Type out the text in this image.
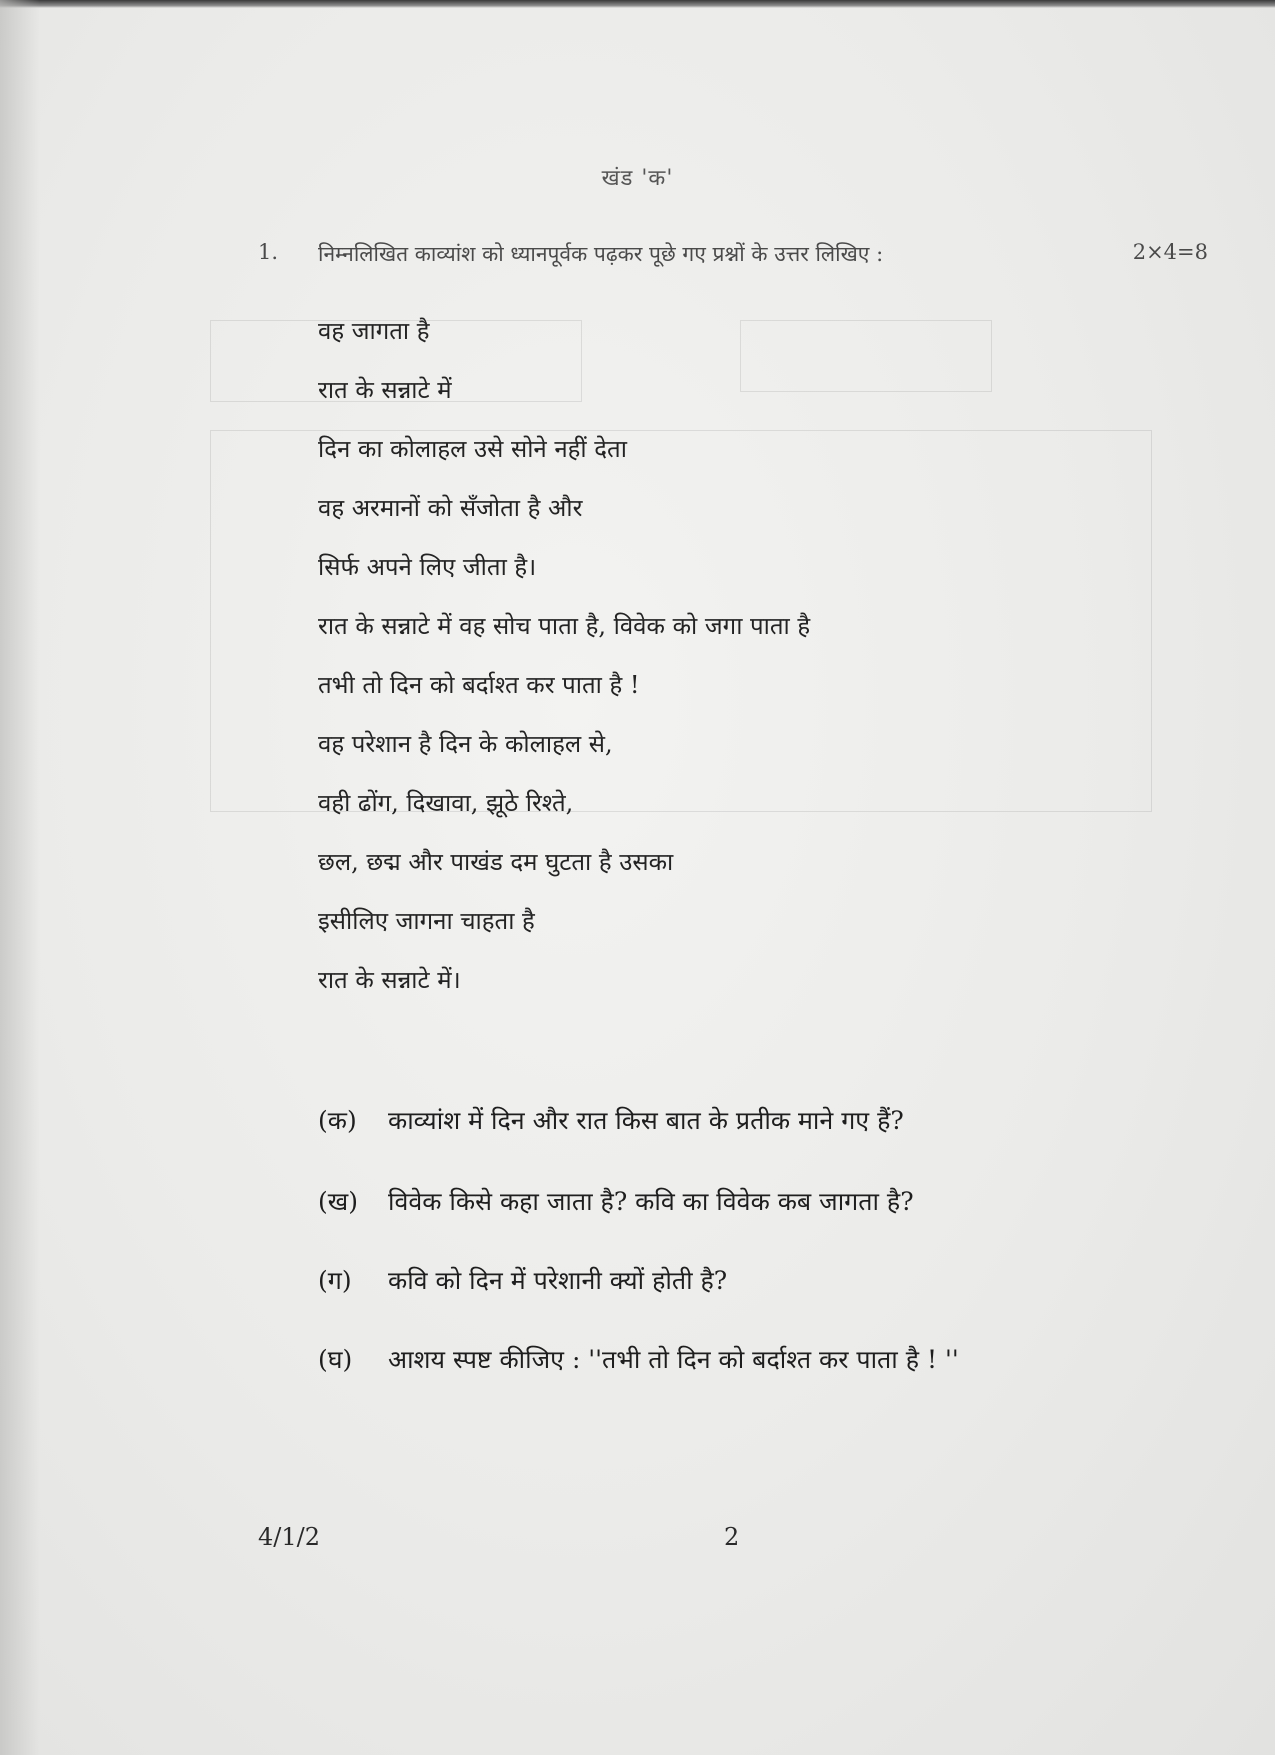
खंड 'क'
1. निम्नलिखित काव्यांश को ध्यानपूर्वक पढ़कर पूछे गए प्रश्नों के उत्तर लिखिए :	2×4=8
वह जागता है
रात के सन्नाटे में
दिन का कोलाहल उसे सोने नहीं देता
वह अरमानों को सँजोता है और
सिर्फ अपने लिए जीता है।
रात के सन्नाटे में वह सोच पाता है, विवेक को जगा पाता है
तभी तो दिन को बर्दाश्त कर पाता है !
वह परेशान है दिन के कोलाहल से,
वही ढोंग, दिखावा, झूठे रिश्ते,
छल, छद्म और पाखंड दम घुटता है उसका
इसीलिए जागना चाहता है
रात के सन्नाटे में।
(क) काव्यांश में दिन और रात किस बात के प्रतीक माने गए हैं?
(ख) विवेक किसे कहा जाता है? कवि का विवेक कब जागता है?
(ग) कवि को दिन में परेशानी क्यों होती है?
(घ) आशय स्पष्ट कीजिए : ''तभी तो दिन को बर्दाश्त कर पाता है ! ''
4/1/2	2
